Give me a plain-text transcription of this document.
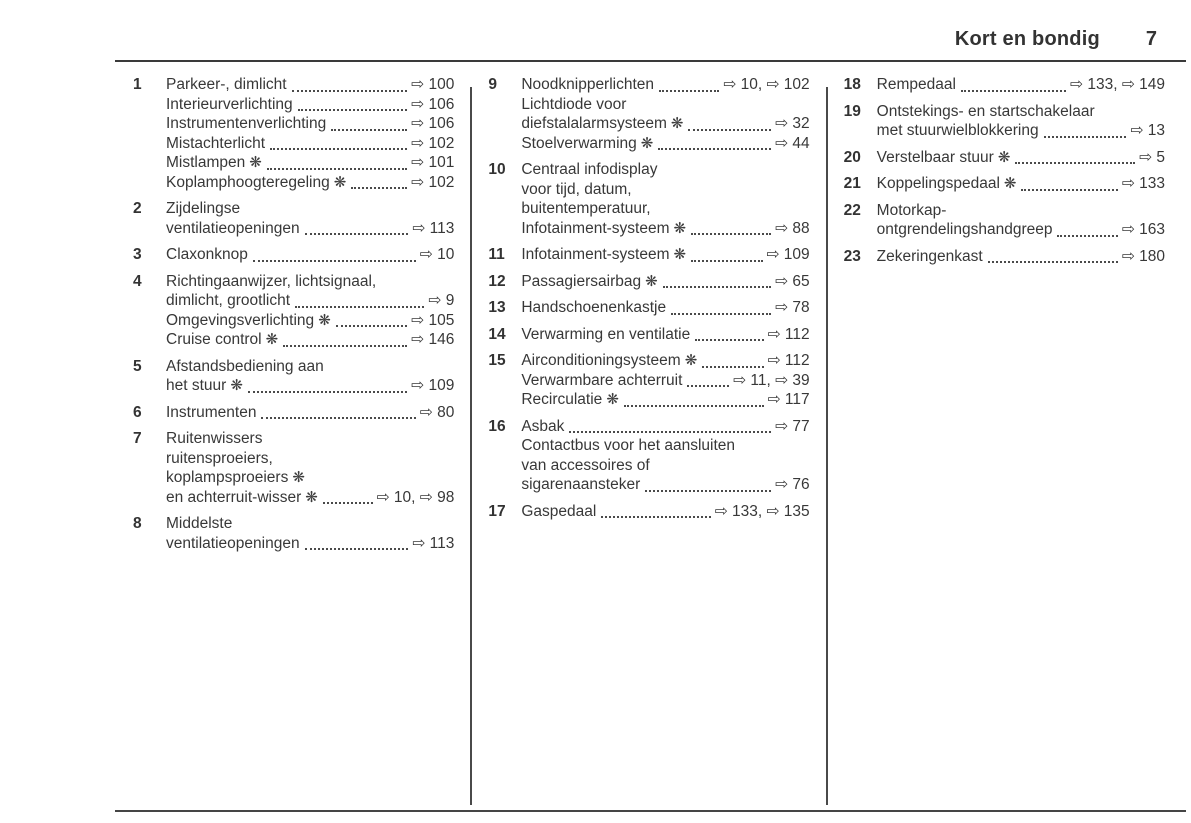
Kort en bondig 7
1	Parkeer-, dimlicht	⇨ 100
Interieurverlichting	⇨ 106
Instrumentenverlichting	⇨ 106
Mistachterlicht	⇨ 102
Mistlampen ❋	⇨ 101
Koplamphoogteregeling ❋	⇨ 102
2	Zijdelingse
ventilatieopeningen	⇨ 113
3	Claxonknop	⇨ 10
4	Richtingaanwijzer, lichtsignaal,
dimlicht, grootlicht	⇨ 9
Omgevingsverlichting ❋	⇨ 105
Cruise control ❋	⇨ 146
5	Afstandsbediening aan
het stuur ❋	⇨ 109
6	Instrumenten	⇨ 80
7	Ruitenwissers
ruitensproeiers,
koplampsproeiers ❋
en achterruit-wisser ❋	⇨ 10, ⇨ 98
8	Middelste
ventilatieopeningen	⇨ 113
9	Noodknipperlichten	⇨ 10, ⇨ 102
Lichtdiode voor
diefstalalarmsysteem ❋	⇨ 32
Stoelverwarming ❋	⇨ 44
10	Centraal infodisplay
voor tijd, datum,
buitentemperatuur,
Infotainment-systeem ❋	⇨ 88
11	Infotainment-systeem ❋	⇨ 109
12	Passagiersairbag ❋	⇨ 65
13	Handschoenenkastje	⇨ 78
14	Verwarming en ventilatie	⇨ 112
15	Airconditioningsysteem ❋	⇨ 112
Verwarmbare achterruit	⇨ 11, ⇨ 39
Recirculatie ❋	⇨ 117
16	Asbak	⇨ 77
Contactbus voor het aansluiten
van accessoires of
sigarenaansteker	⇨ 76
17	Gaspedaal	⇨ 133, ⇨ 135
18	Rempedaal	⇨ 133, ⇨ 149
19	Ontstekings- en startschakelaar
met stuurwielblokkering	⇨ 13
20	Verstelbaar stuur ❋	⇨ 5
21	Koppelingspedaal ❋	⇨ 133
22	Motorkap-
ontgrendelingshandgreep	⇨ 163
23	Zekeringenkast	⇨ 180
